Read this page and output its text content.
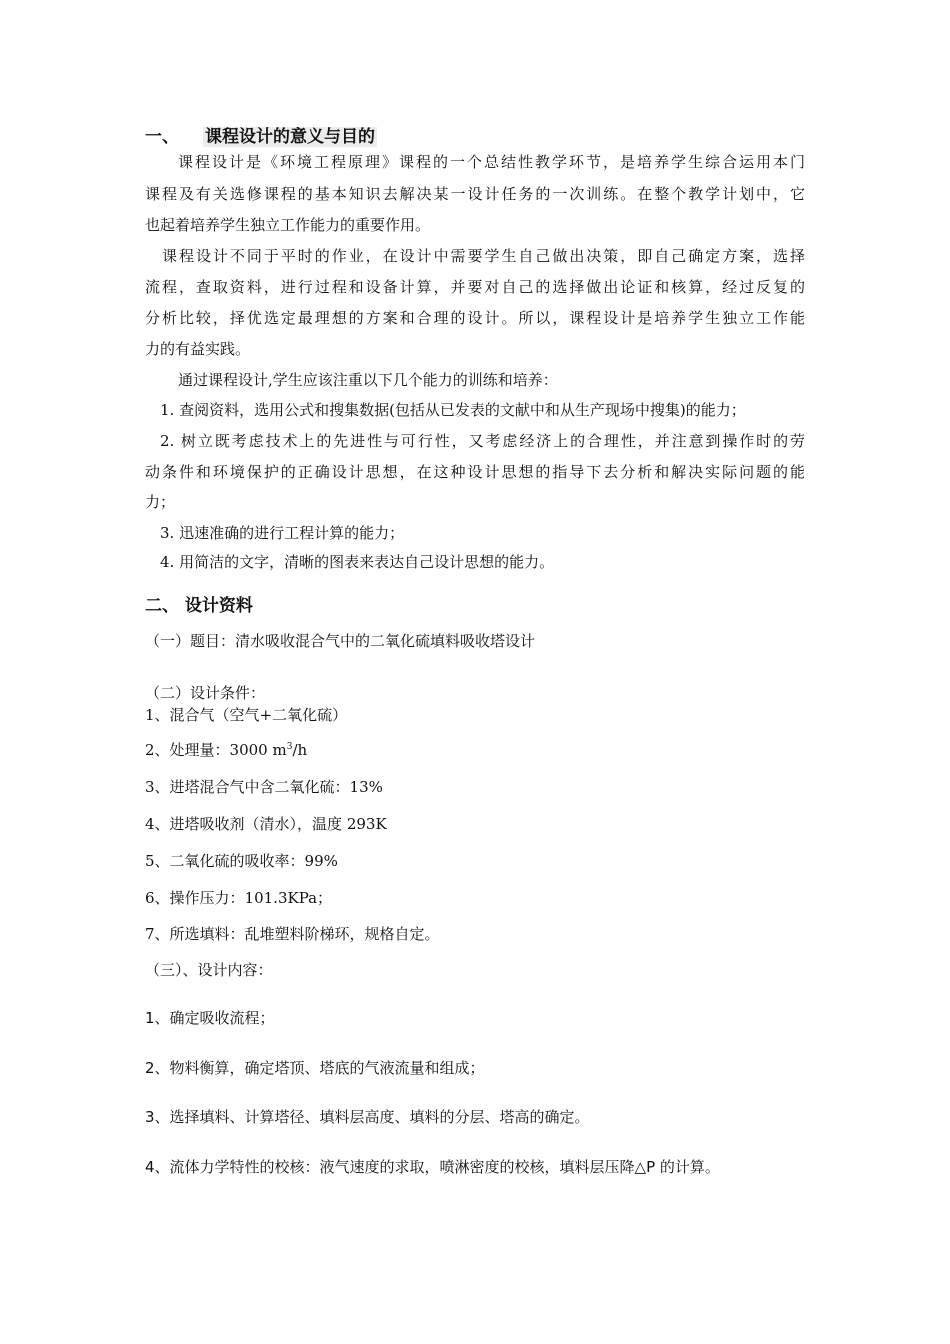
一、 课程设计的意义与目的
课程设计是《环境工程原理》课程的一个总结性教学环节，是培养学生综合运用本门
课程及有关选修课程的基本知识去解决某一设计任务的一次训练。在整个教学计划中，它
也起着培养学生独立工作能力的重要作用。
课程设计不同于平时的作业，在设计中需要学生自己做出决策，即自己确定方案，选择
流程，查取资料，进行过程和设备计算，并要对自己的选择做出论证和核算，经过反复的
分析比较，择优选定最理想的方案和合理的设计。所以，课程设计是培养学生独立工作能
力的有益实践。
通过课程设计,学生应该注重以下几个能力的训练和培养：
1. 查阅资料，选用公式和搜集数据(包括从已发表的文献中和从生产现场中搜集)的能力；
2. 树立既考虑技术上的先进性与可行性，又考虑经济上的合理性，并注意到操作时的劳
动条件和环境保护的正确设计思想，在这种设计思想的指导下去分析和解决实际问题的能
力；
3. 迅速准确的进行工程计算的能力；
4. 用简洁的文字，清晰的图表来表达自己设计思想的能力。
二、 设计资料
（一）题目：清水吸收混合气中的二氧化硫填料吸收塔设计
（二）设计条件：
1、混合气（空气+二氧化硫）
2、处理量：3000 $m^3/h$
3、进塔混合气中含二氧化硫：13%
4、进塔吸收剂（清水），温度 293K
5、二氧化硫的吸收率：99%
6、操作压力：101.3KPa；
7、所选填料：乱堆塑料阶梯环，规格自定。
（三）、设计内容：
1、确定吸收流程；
2、物料衡算，确定塔顶、塔底的气液流量和组成；
3、选择填料、计算塔径、填料层高度、填料的分层、塔高的确定。
4、流体力学特性的校核：液气速度的求取，喷淋密度的校核，填料层压降△P 的计算。
